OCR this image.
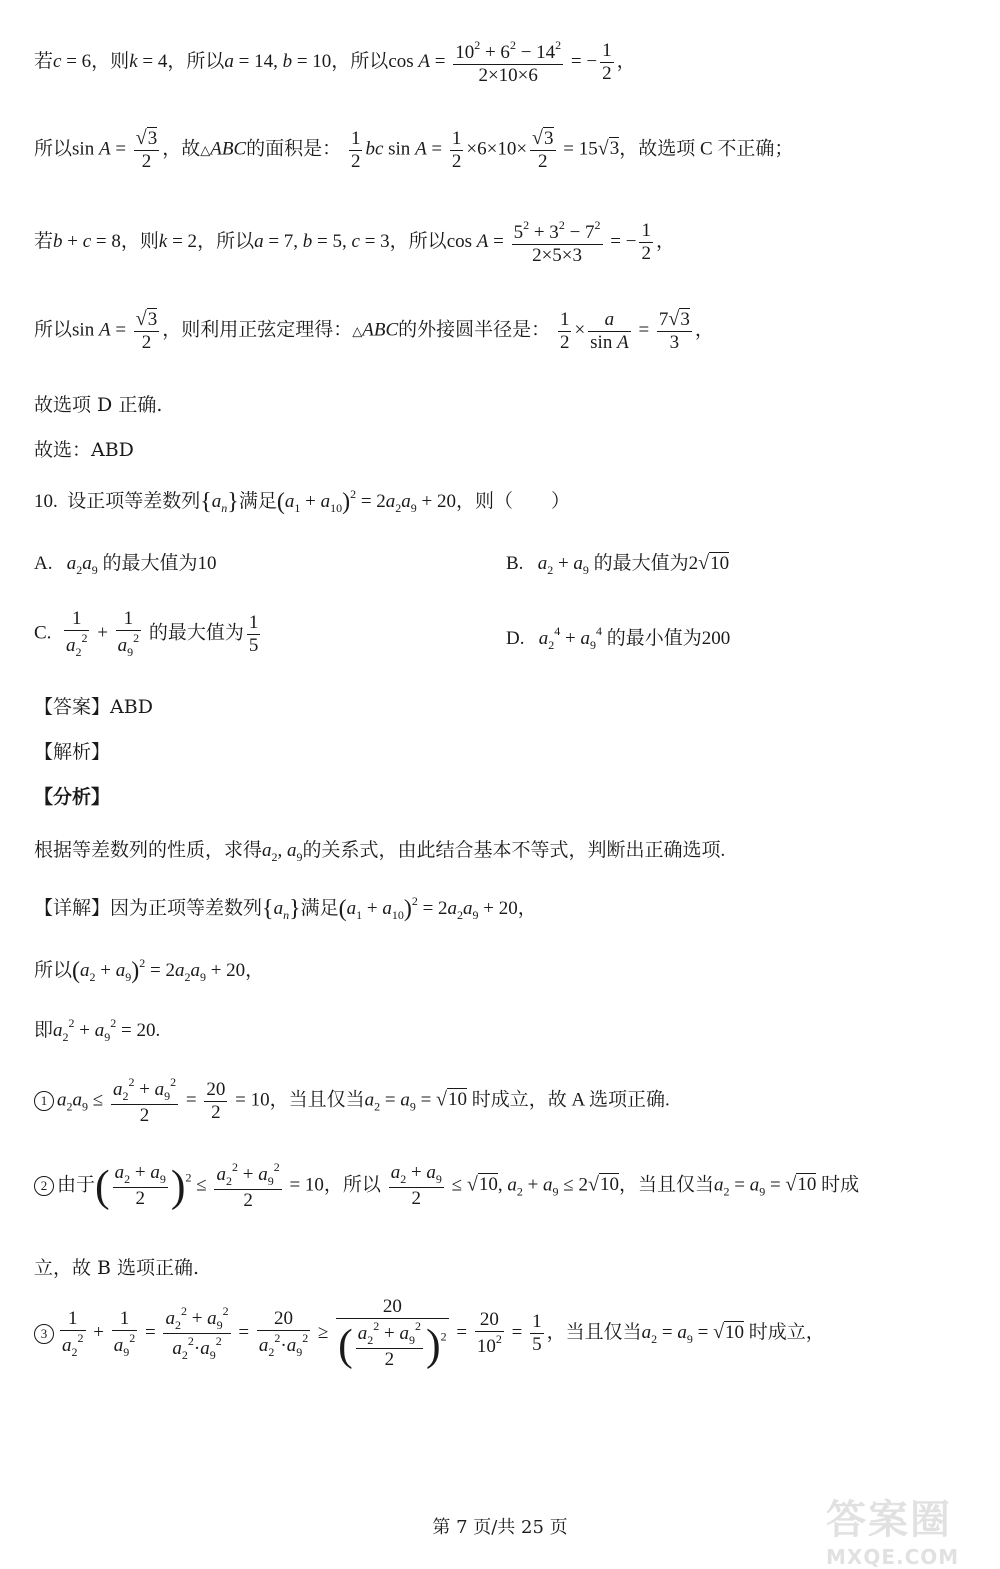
若c = 6，则k = 4，所以a = 14, b = 10，所以$\cos A = \frac{10^2 + 6^2 - 14^2}{2\times 10\times 6}$ = − $\frac{1}{2}$ ，
所以$\sin A = \frac{√3}{2}$ ，故△ABC的面积是： $\frac{1}{2}$ bc $\sin A = \frac{1}{2} \times 6\times 10\times \frac{√3}{2} = 15√3$，故选项 C 不正确；
若b + c = 8，则k = 2，所以a = 7, b = 5, c = 3，所以$\cos A = \frac{5^2 + 3^2 - 7^2}{2\times 5\times 3}$ = − $\frac{1}{2}$ ，
所以$\sin A = \frac{√3}{2}$ ，则利用正弦定理得：△ABC的外接圆半径是： $\frac{1}{2} \times \frac{a}{\text{sin A}} = \frac{7√3}{3}$ ，
故选项 D 正确.
故选：ABD
10. 设正项等差数列$\{a_n\}$满足$(a_1 + a_{10})^2 = 2a_2a_9 + 20$，则（　　）
A. $a_2a_9$ 的最大值为10	B. $a_2 + a_9$ 的最大值为2√10
C. $\frac{1}{a_2^2} + \frac{1}{a_9^2}$ 的最大值为 $\frac{1}{5}$	D. $a_2^4 + a_9^4$ 的最小值为200
【答案】ABD
【解析】
【分析】
根据等差数列的性质，求得$a_2$, $a_9$的关系式，由此结合基本不等式，判断出正确选项.
【详解】因为正项等差数列$\{a_n\}$满足$(a_1 + a_{10})^2 = 2a_2a_9 + 20$，
所以$(a_2 + a_9)^2 = 2a_2a_9 + 20$，
即$a_2^2 + a_9^2 = 20$.
1 $a_2a_9 \le \frac{a_2^2 + a_9^2}{2} = \frac{20}{2} = 10$，当且仅当$a_2 = a_9 = √10$ 时成立，故 A 选项正确.
2 由于( $\frac{a_2 + a_9}{2} )^2 \le \frac{a_2^2 + a_9^2}{2} = 10$，所以 $\frac{a_2 + a_9}{2} \le √10$, $a_2 + a_9 \le 2√10$，当且仅当$a_2 = a_9 = √10$ 时成
立，故 B 选项正确.
$3 \frac{1}{a_2^2} + \frac{1}{a_9^2} = \frac{a_2^2 + a_9^2}{a_2^2\cdot a_9^2} = \frac{20}{a_2^2\cdot a_9^2} \ge \frac{20}{( \frac{a_2^2 + a_9^2}{2} )^2} = \frac{20}{10^2} = \frac{1}{5}$ ，当且仅当$a_2 = a_9 = √10$ 时成立，
第 7 页/共 25 页	答案圈
MXQE.COM
